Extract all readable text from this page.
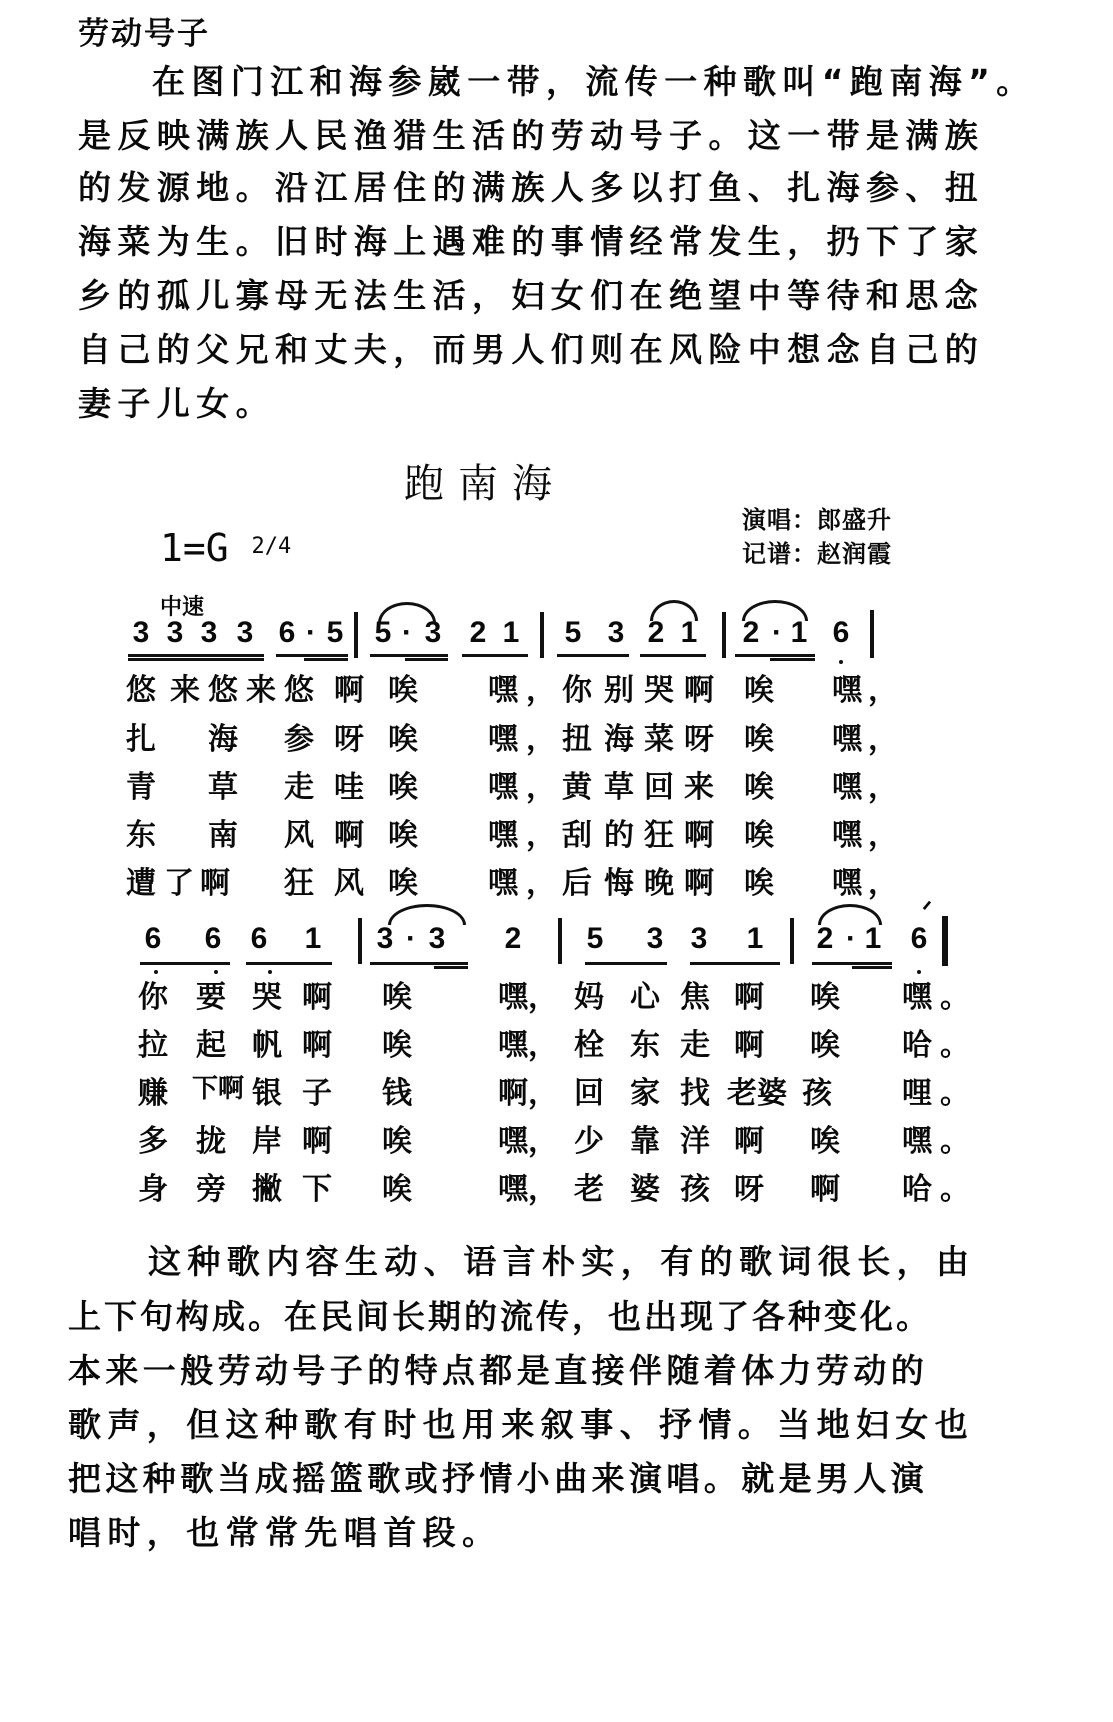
劳动号子
在图门江和海参崴一带，流传一种歌叫“跑南海”。
是反映满族人民渔猎生活的劳动号子。这一带是满族
的发源地。沿江居住的满族人多以打鱼、扎海参、扭
海菜为生。旧时海上遇难的事情经常发生，扔下了家
乡的孤儿寡母无法生活，妇女们在绝望中等待和思念
自己的父兄和丈夫，而男人们则在风险中想念自己的
妻子儿女。
跑南海
演唱：郎盛升
记谱：赵润霞
1=G $^{2/4}$
中速
3 3 3 3 6 · 5 5 · 3 2 1 5 3 2 1 2 · 1 6
悠 来 悠 来 悠 啊 唉 嘿 ， 你 别 哭 啊 唉 嘿 ，
扎 海 参 呀 唉 嘿 ， 扭 海 菜 呀 唉 嘿 ，
青 草 走 哇 唉 嘿 ， 黄 草 回 来 唉 嘿 ，
东 南 风 啊 唉 嘿 ， 刮 的 狂 啊 唉 嘿 ，
遭 了 啊 狂 风 唉 嘿 ， 后 悔 晚 啊 唉 嘿 ，
6 6 6 1 3 · 3 2 5 3 3 1 2 · 1 6
ᐟ
你 要 哭 啊 唉	嘿 ， 妈 心 焦 啊 唉 嘿 。
拉 起 帆 啊 唉	嘿 ， 栓 东 走 啊 唉 哈 。
赚 下啊 银 子 钱	啊 ， 回 家 找 老婆 孩 哩 。
多 拢 岸 啊 唉	嘿 ， 少 靠 洋 啊 唉 嘿 。
身 旁 撇 下 唉	嘿 ， 老 婆 孩 呀 啊 哈 。
这种歌内容生动、语言朴实，有的歌词很长，由
上下句构成。在民间长期的流传，也出现了各种变化。
本来一般劳动号子的特点都是直接伴随着体力劳动的
歌声，但这种歌有时也用来叙事、抒情。当地妇女也
把这种歌当成摇篮歌或抒情小曲来演唱。就是男人演
唱时，也常常先唱首段。
